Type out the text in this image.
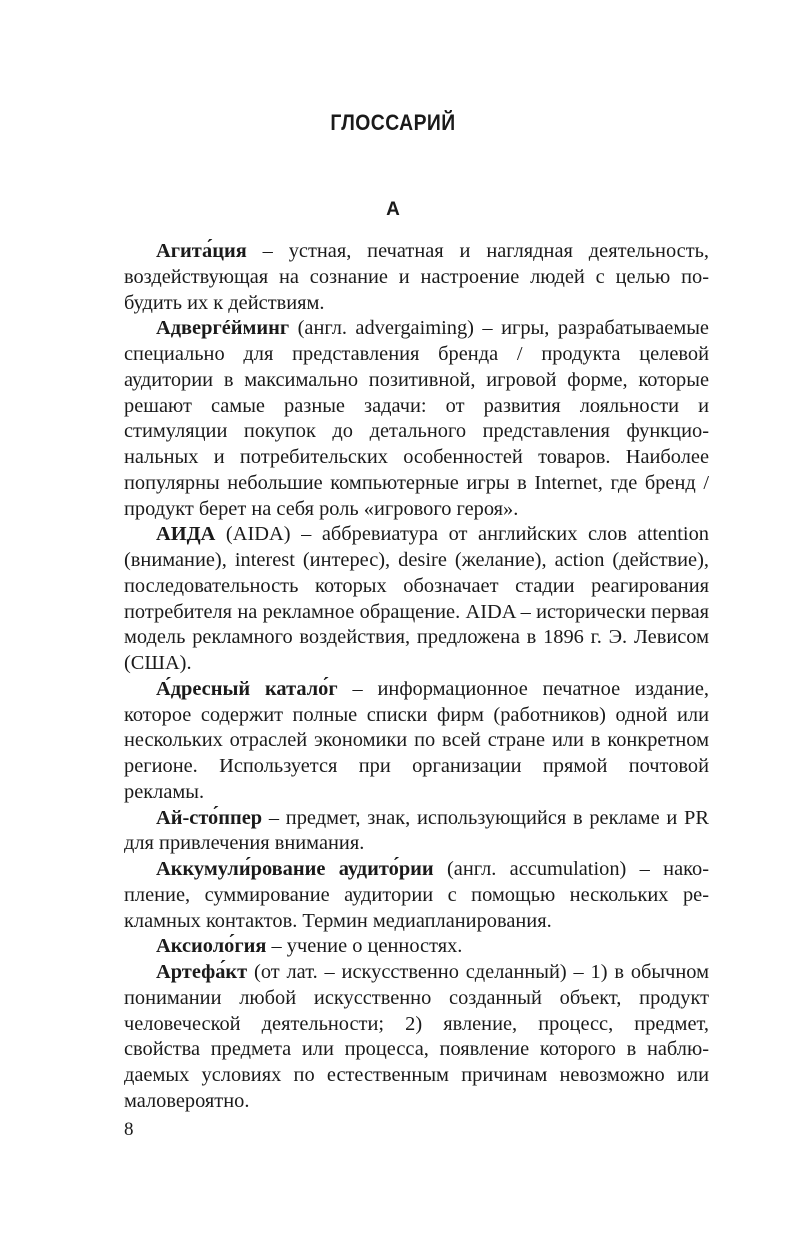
ГЛОССАРИЙ
А

Агита́ция – устная, печатная и наглядная деятельность, воздействующая на сознание и настроение людей с целью побудить их к действиям.

Адвергéйминг (англ. advergaiming) – игры, разрабатываемые специально для представления бренда / продукта целевой аудитории в максимально позитивной, игровой форме, которые решают самые разные задачи: от развития лояльности и стимуляции покупок до детального представления функциональных и потребительских особенностей товаров. Наиболее популярны небольшие компьютерные игры в Internet, где бренд / продукт берет на себя роль «игрового героя».

АИДА (AIDA) – аббревиатура от английских слов attention (внимание), interest (интерес), desire (желание), action (действие), последовательность которых обозначает стадии реагирования потребителя на рекламное обращение. AIDA – исторически первая модель рекламного воздействия, предложена в 1896 г. Э. Левисом (США).

А́дресный катало́г – информационное печатное издание, которое содержит полные списки фирм (работников) одной или нескольких отраслей экономики по всей стране или в конкретном регионе. Используется при организации прямой почтовой рекламы.

Ай-сто́ппер – предмет, знак, использующийся в рекламе и PR для привлечения внимания.

Аккумули́рование аудито́рии (англ. accumulation) – накопление, суммирование аудитории с помощью нескольких рекламных контактов. Термин медиапланирования.

Аксиоло́гия – учение о ценностях.

Артефа́кт (от лат. – искусственно сделанный) – 1) в обычном понимании любой искусственно созданный объект, продукт человеческой деятельности; 2) явление, процесс, предмет, свойства предмета или процесса, появление которого в наблюдаемых условиях по естественным причинам невозможно или маловероятно.

8
